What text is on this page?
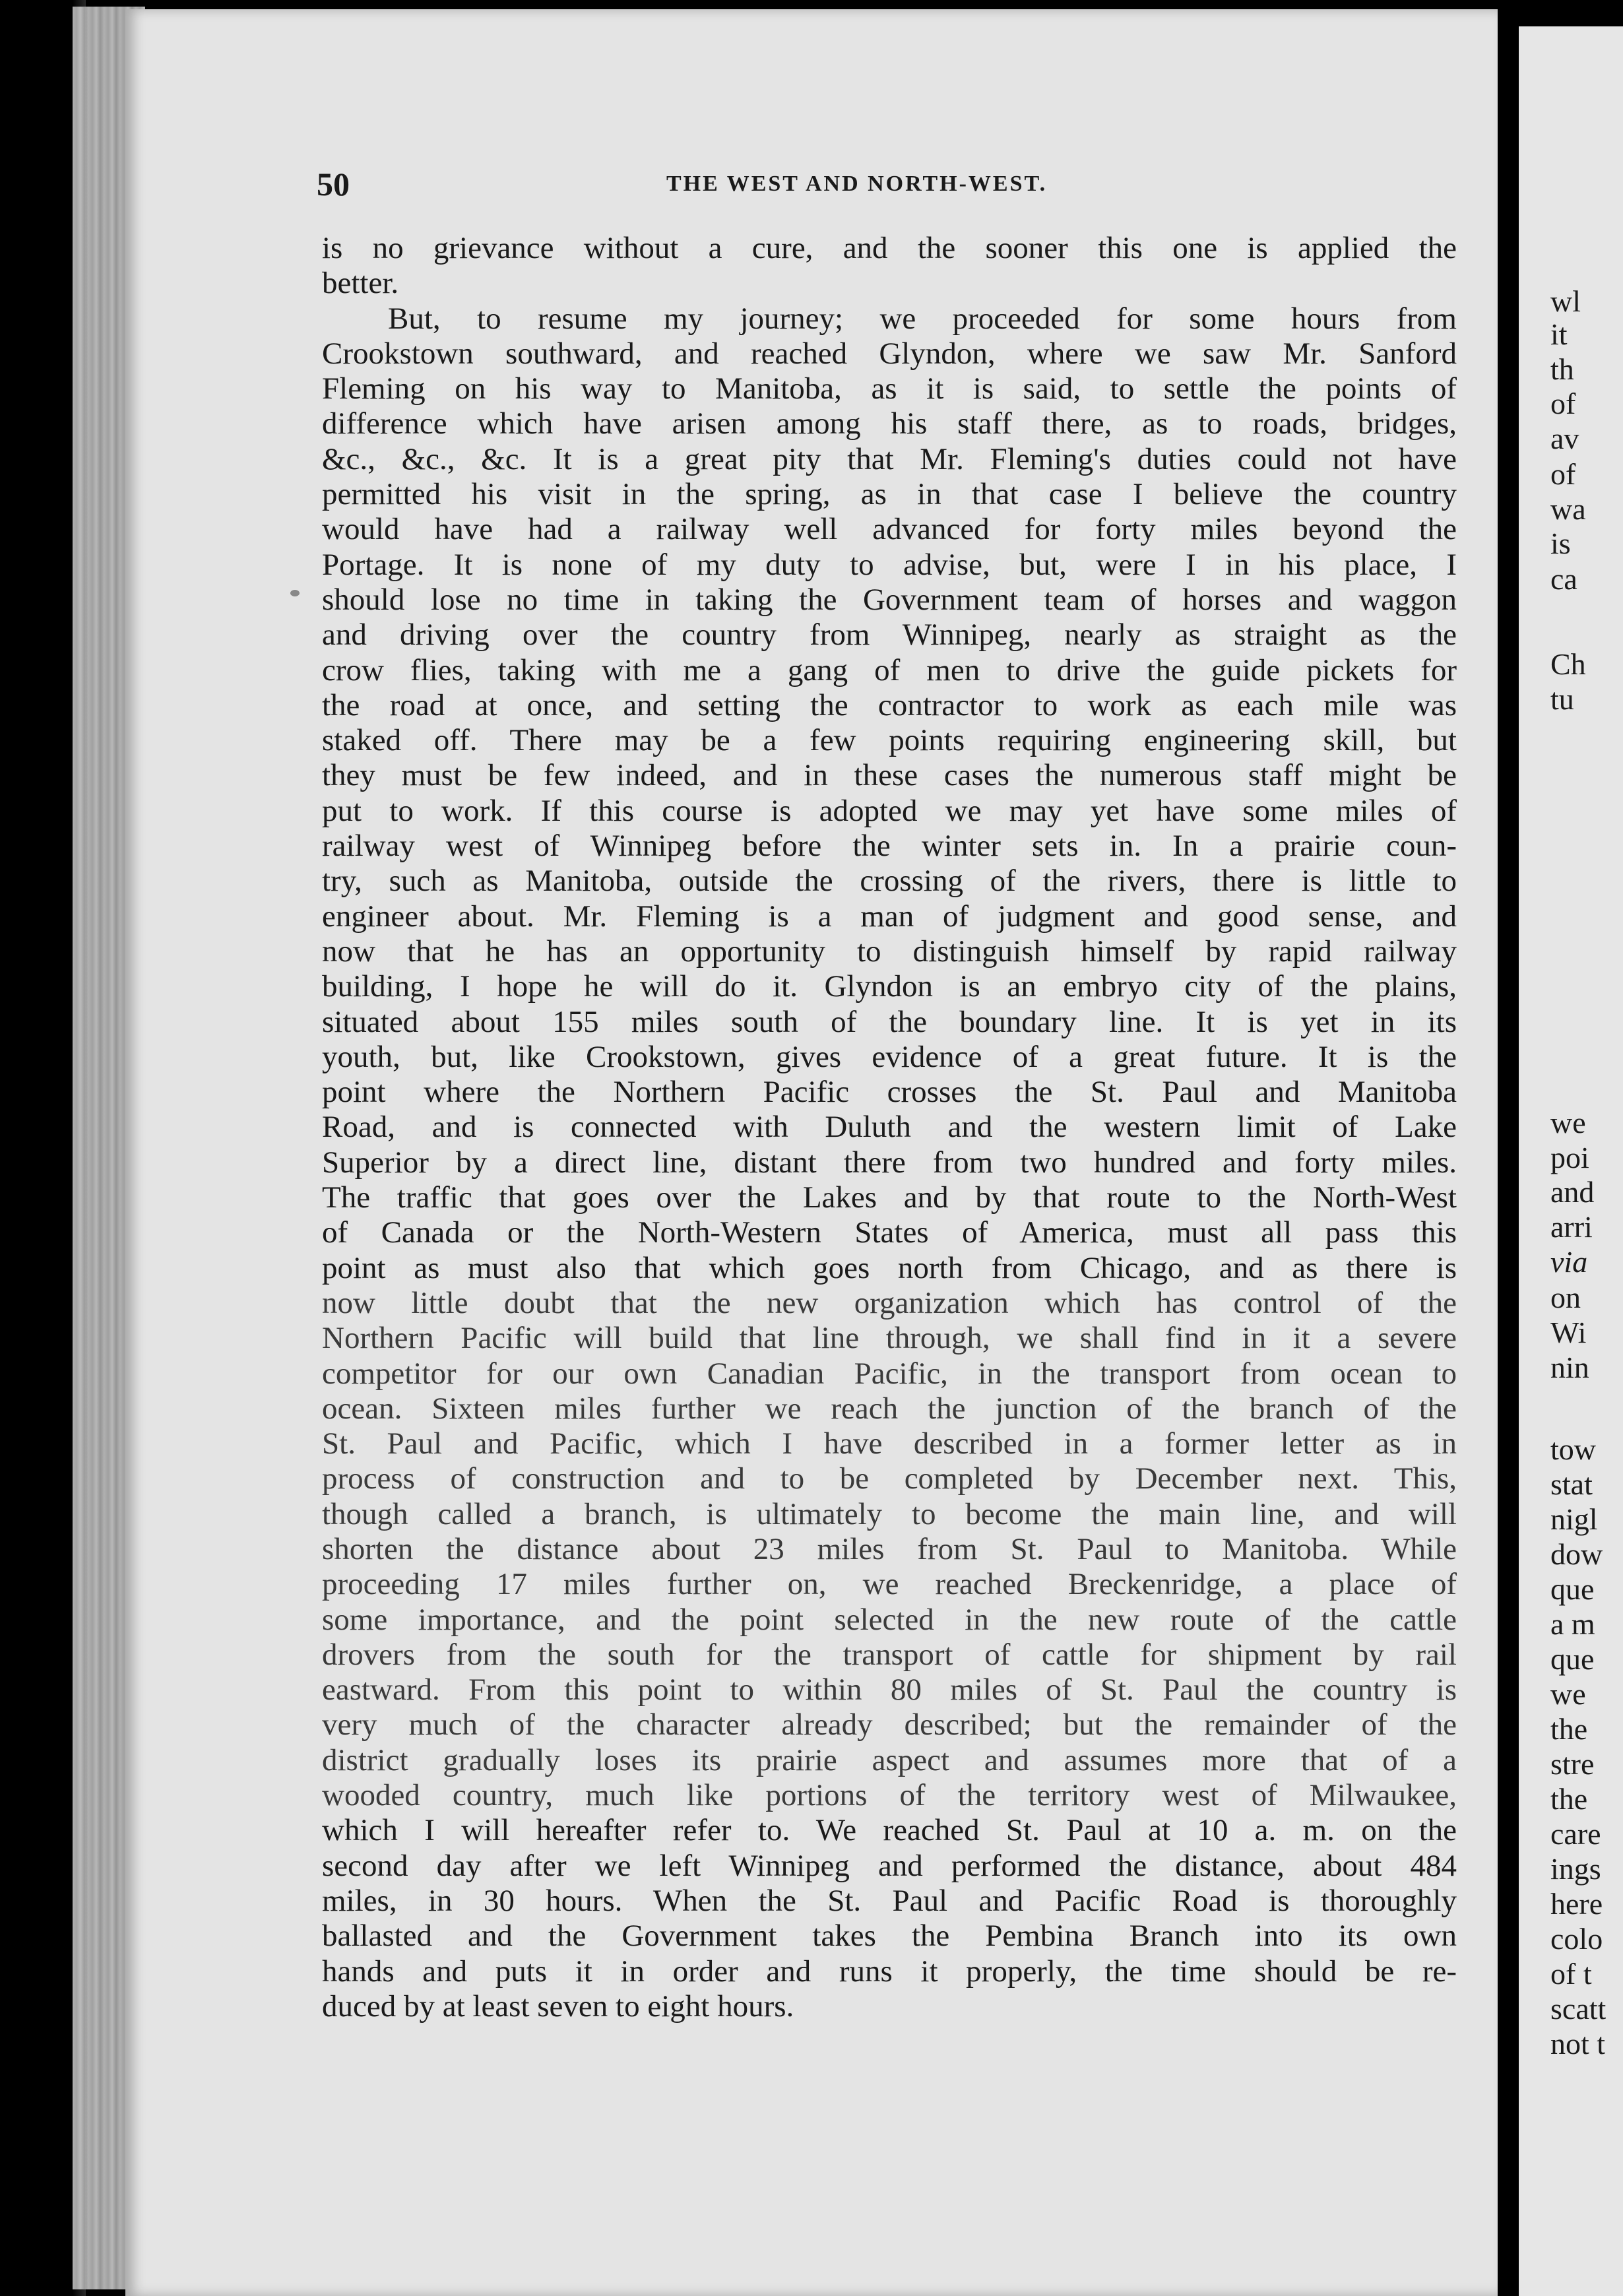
50	THE WEST AND NORTH-WEST.
is no grievance without a cure, and the sooner this one is applied the
better.
But, to resume my journey; we proceeded for some hours from
Crookstown southward, and reached Glyndon, where we saw Mr. Sanford
Fleming on his way to Manitoba, as it is said, to settle the points of
difference which have arisen among his staff there, as to roads, bridges,
&c., &c., &c. It is a great pity that Mr. Fleming's duties could not have
permitted his visit in the spring, as in that case I believe the country
would have had a railway well advanced for forty miles beyond the
Portage. It is none of my duty to advise, but, were I in his place, I
should lose no time in taking the Government team of horses and waggon
and driving over the country from Winnipeg, nearly as straight as the
crow flies, taking with me a gang of men to drive the guide pickets for
the road at once, and setting the contractor to work as each mile was
staked off. There may be a few points requiring engineering skill, but
they must be few indeed, and in these cases the numerous staff might be
put to work. If this course is adopted we may yet have some miles of
railway west of Winnipeg before the winter sets in. In a prairie coun-
try, such as Manitoba, outside the crossing of the rivers, there is little to
engineer about. Mr. Fleming is a man of judgment and good sense, and
now that he has an opportunity to distinguish himself by rapid railway
building, I hope he will do it. Glyndon is an embryo city of the plains,
situated about 155 miles south of the boundary line. It is yet in its
youth, but, like Crookstown, gives evidence of a great future. It is the
point where the Northern Pacific crosses the St. Paul and Manitoba
Road, and is connected with Duluth and the western limit of Lake
Superior by a direct line, distant there from two hundred and forty miles.
The traffic that goes over the Lakes and by that route to the North-West
of Canada or the North-Western States of America, must all pass this
point as must also that which goes north from Chicago, and as there is
now little doubt that the new organization which has control of the
Northern Pacific will build that line through, we shall find in it a severe
competitor for our own Canadian Pacific, in the transport from ocean to
ocean. Sixteen miles further we reach the junction of the branch of the
St. Paul and Pacific, which I have described in a former letter as in
process of construction and to be completed by December next. This,
though called a branch, is ultimately to become the main line, and will
shorten the distance about 23 miles from St. Paul to Manitoba. While
proceeding 17 miles further on, we reached Breckenridge, a place of
some importance, and the point selected in the new route of the cattle
drovers from the south for the transport of cattle for shipment by rail
eastward. From this point to within 80 miles of St. Paul the country is
very much of the character already described; but the remainder of the
district gradually loses its prairie aspect and assumes more that of a
wooded country, much like portions of the territory west of Milwaukee,
which I will hereafter refer to. We reached St. Paul at 10 a. m. on the
second day after we left Winnipeg and performed the distance, about 484
miles, in 30 hours. When the St. Paul and Pacific Road is thoroughly
ballasted and the Government takes the Pembina Branch into its own
hands and puts it in order and runs it properly, the time should be re-
duced by at least seven to eight hours.
wl
it
th
of
av
of
wa
is
ca
Ch
tu
we
poi
and
arri
via
on
Wi
nin
tow
stat
nigl
dow
que
a m
que
we
the
stre
the
care
ings
here
colo
of t
scatt
not t
